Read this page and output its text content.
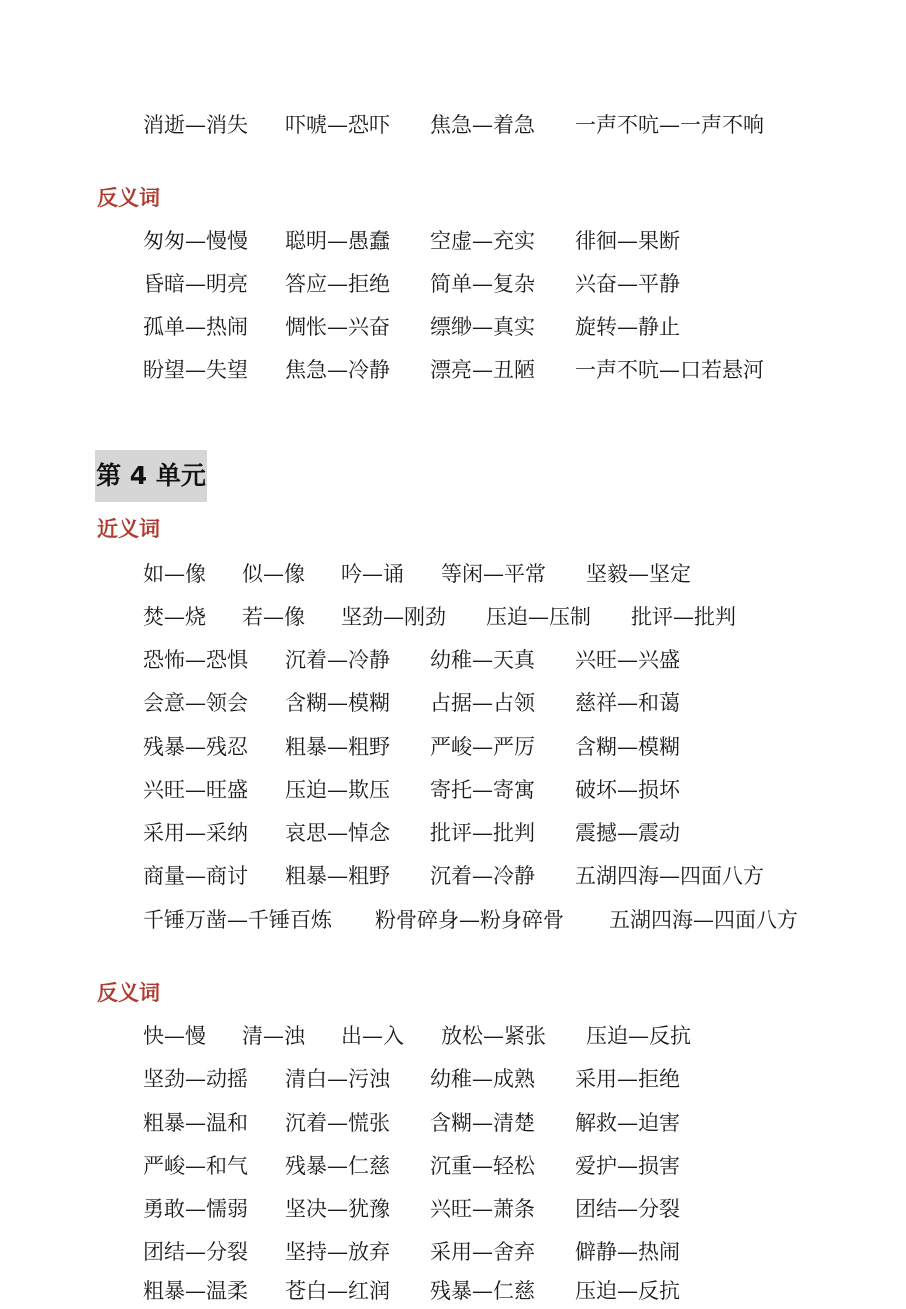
消逝—消失 吓唬—恐吓 焦急—着急 一声不吭—一声不响
反义词
匆匆—慢慢 聪明—愚蠢 空虚—充实 徘徊—果断
昏暗—明亮 答应—拒绝 简单—复杂 兴奋—平静
孤单—热闹 惆怅—兴奋 缥缈—真实 旋转—静止
盼望—失望 焦急—冷静 漂亮—丑陋 一声不吭—口若悬河
第 4 单元
近义词
如—像 似—像 吟—诵 等闲—平常 坚毅—坚定
焚—烧 若—像 坚劲—刚劲 压迫—压制 批评—批判
恐怖—恐惧 沉着—冷静 幼稚—天真 兴旺—兴盛
会意—领会 含糊—模糊 占据—占领 慈祥—和蔼
残暴—残忍 粗暴—粗野 严峻—严厉 含糊—模糊
兴旺—旺盛 压迫—欺压 寄托—寄寓 破坏—损坏
采用—采纳 哀思—悼念 批评—批判 震撼—震动
商量—商讨 粗暴—粗野 沉着—冷静 五湖四海—四面八方
千锤万凿—千锤百炼 粉骨碎身—粉身碎骨 五湖四海—四面八方
反义词
快—慢 清—浊 出—入 放松—紧张 压迫—反抗
坚劲—动摇 清白—污浊 幼稚—成熟 采用—拒绝
粗暴—温和 沉着—慌张 含糊—清楚 解救—迫害
严峻—和气 残暴—仁慈 沉重—轻松 爱护—损害
勇敢—懦弱 坚决—犹豫 兴旺—萧条 团结—分裂
团结—分裂 坚持—放弃 采用—舍弃 僻静—热闹
粗暴—温柔 苍白—红润 残暴—仁慈 压迫—反抗
